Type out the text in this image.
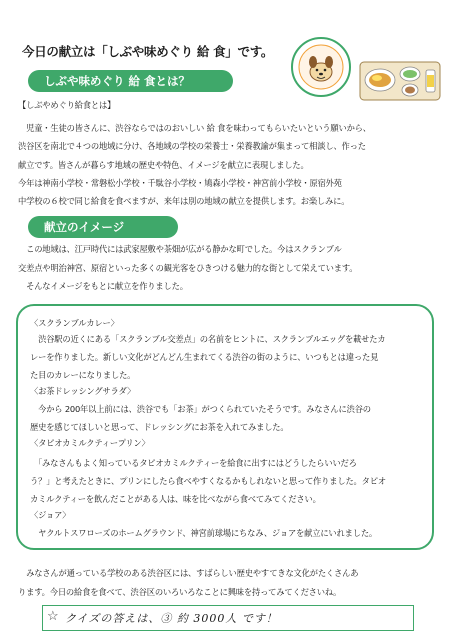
今日の献立は「しぶや味めぐり 給 食」です。
しぶや味めぐり 給 食とは？
【しぶやめぐり給食とは】
　児童・生徒の皆さんに、渋谷ならではのおいしい 給 食を味わってもらいたいという願いから、
渋谷区を南北で４つの地域に分け、各地域の学校の栄養士・栄養教諭が集まって相談し、作った
献立です。皆さんが暮らす地域の歴史や特色、イメージを献立に表現しました。
今年は神南小学校・常磐松小学校・千駄谷小学校・鳩森小学校・神宮前小学校・原宿外苑
中学校の６校で同じ給食を食べますが、来年は別の地域の献立を提供します。お楽しみに。
献立のイメージ
　この地域は、江戸時代には武家屋敷や茶畑が広がる静かな町でした。今はスクランブル
交差点や明治神宮、原宿といった多くの観光客をひきつける魅力的な街として栄えています。
　そんなイメージをもとに献立を作りました。
〈スクランブルカレー〉
　渋谷駅の近くにある「スクランブル交差点」の名前をヒントに、スクランブルエッグを載せたカ
レーを作りました。新しい文化がどんどん生まれてくる渋谷の街のように、いつもとは違った見
た目のカレーになりました。
〈お茶ドレッシングサラダ〉
　今から 200年以上前には、渋谷でも「お茶」がつくられていたそうです。みなさんに渋谷の
歴史を感じてほしいと思って、ドレッシングにお茶を入れてみました。
〈タピオカミルクティープリン〉
　「みなさんもよく知っているタピオカミルクティーを給食に出すにはどうしたらいいだろ
う？」と考えたときに、プリンにしたら食べやすくなるかもしれないと思って作りました。タピオ
カミルクティーを飲んだことがある人は、味を比べながら食べてみてください。
〈ジョア〉
　ヤクルトスワローズのホームグラウンド、神宮前球場にちなみ、ジョアを献立にいれました。
　みなさんが通っている学校のある渋谷区には、すばらしい歴史やすてきな文化がたくさんあ
ります。今日の給食を食べて、渋谷区のいろいろなことに興味を持ってみてくださいね。
☆ クイズの答えは、③ 約 3000人 です！
